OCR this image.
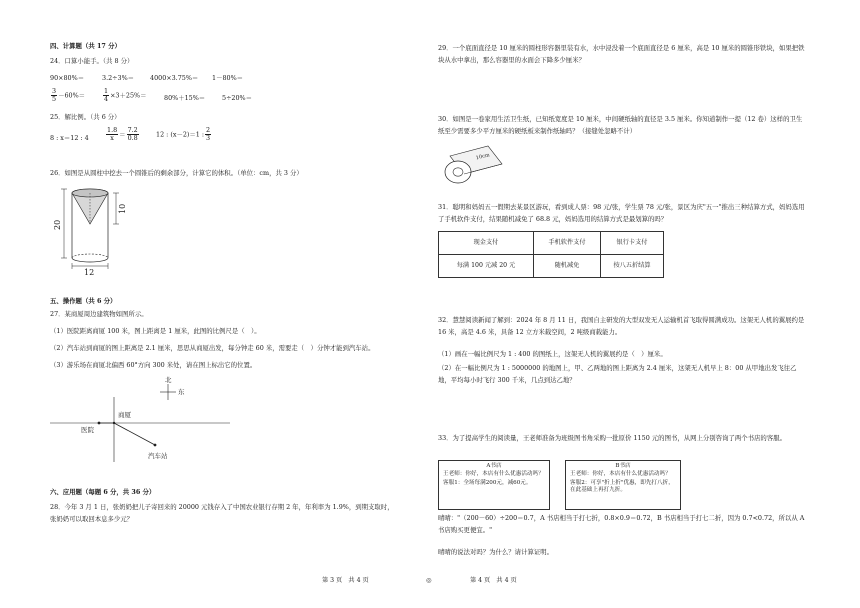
四、计算题（共 17 分）
24．口算小能手。（共 8 分）
90×80%＝	3.2÷3%＝ 4000×3.75%＝ 1－80%＝
$\frac{3}{5} -60\%=$	$\frac{1}{4} \times 3+25\%=$	80%＋15%＝	5÷20%＝
25．解比例。（共 6 分）
8 : x＝12 : 4	$\frac{1.8}{x} = \frac{7.2}{0.8}$	12 : (x－2)＝1 : $\frac{2}{3}$
26．如图是从圆柱中挖去一个圆锥后的剩余部分，计算它的体积。（单位：cm，共 3 分）
20
10
12
五、操作题（共 6 分）
27．某商厦周边建筑物如图所示。
（1）医院距离商厦 100 米，图上距离是 1 厘米，此图的比例尺是（　）。
（2）汽车站到商厦的图上距离是 2.1 厘米，思思从商厦出发，每分钟走 60 米，需要走（　）分钟才能到汽车站。
（3）游乐场在商厦北偏西 60°方向 300 米处，请在图上标出它的位置。
北
东
商厦
医院
汽车站
六、应用题（每题 6 分，共 36 分）
28．今年 3 月 1 日，张奶奶把儿子寄回来的 20000 元钱存入了中国农业银行存期 2 年，年利率为 1.9%，到期支取时，张奶奶可以取回本息多少元？
29．一个底面直径是 10 厘米的圆柱形容器里装有水，水中浸没着一个底面直径是 6 厘米，高是 10 厘米的圆锥形铁块，如果把铁块从水中拿出，那么容器里的水面会下降多少厘米？
30．如图是一卷家用生活卫生纸，已知纸宽度是 10 厘米，中间硬纸轴的直径是 3.5 厘米。你知道制作一提（12 卷）这样的卫生纸至少需要多少平方厘米的硬纸板来制作纸轴吗？（接缝处忽略不计）
10cm
31．聪明和妈妈五一假期去某景区游玩，看到成人票：98 元/张，学生票 78 元/张，景区为庆"五一"推出三种结算方式，妈妈选用了手机软件支付，结果随机减免了 68.8 元，妈妈选用的结算方式是最划算的吗？
现金支付	手机软件支付	银行卡支付
每满 100 元减 20 元	随机减免	按八五折结算
32．慧慧阅读新闻了解到：2024 年 8 月 11 日，我国自主研发的大型双发无人运输机首飞取得圆满成功。这架无人机的翼展约是 16 米，高是 4.6 米，具备 12 立方米载空间，2 吨级商载能力。
（1）画在一幅比例尺为 1 : 400 的图纸上，这架无人机的翼展约是（　）厘米。
（2）在一幅比例尺为 1 : 5000000 的地图上，甲、乙两地的图上距离为 2.4 厘米，这架无人机早上 8：00 从甲地出发飞往乙地，平均每小时飞行 300 千米，几点到达乙地？
33．为了提高学生的阅读量，王老师准备为班级图书角采购一批原价 1150 元的图书，从网上分别咨询了两个书店的客服。
A书店
王老师：你好，本店有什么优惠活动吗？
客服1：全场每满200元，减60元。
B书店
王老师：你好，本店有什么优惠活动吗？
客服2：可享"折上折"优惠，即先打八折，在此基础上再打九折。
晴晴："（200－60）÷200＝0.7，A 书店相当于打七折，0.8×0.9＝0.72，B 书店相当于打七二折，因为 0.7<0.72，所以从 A 书店购买更便宜。"
晴晴的说法对吗？为什么？请计算证明。
第 3 页　共 4 页	◎	第 4 页　共 4 页
